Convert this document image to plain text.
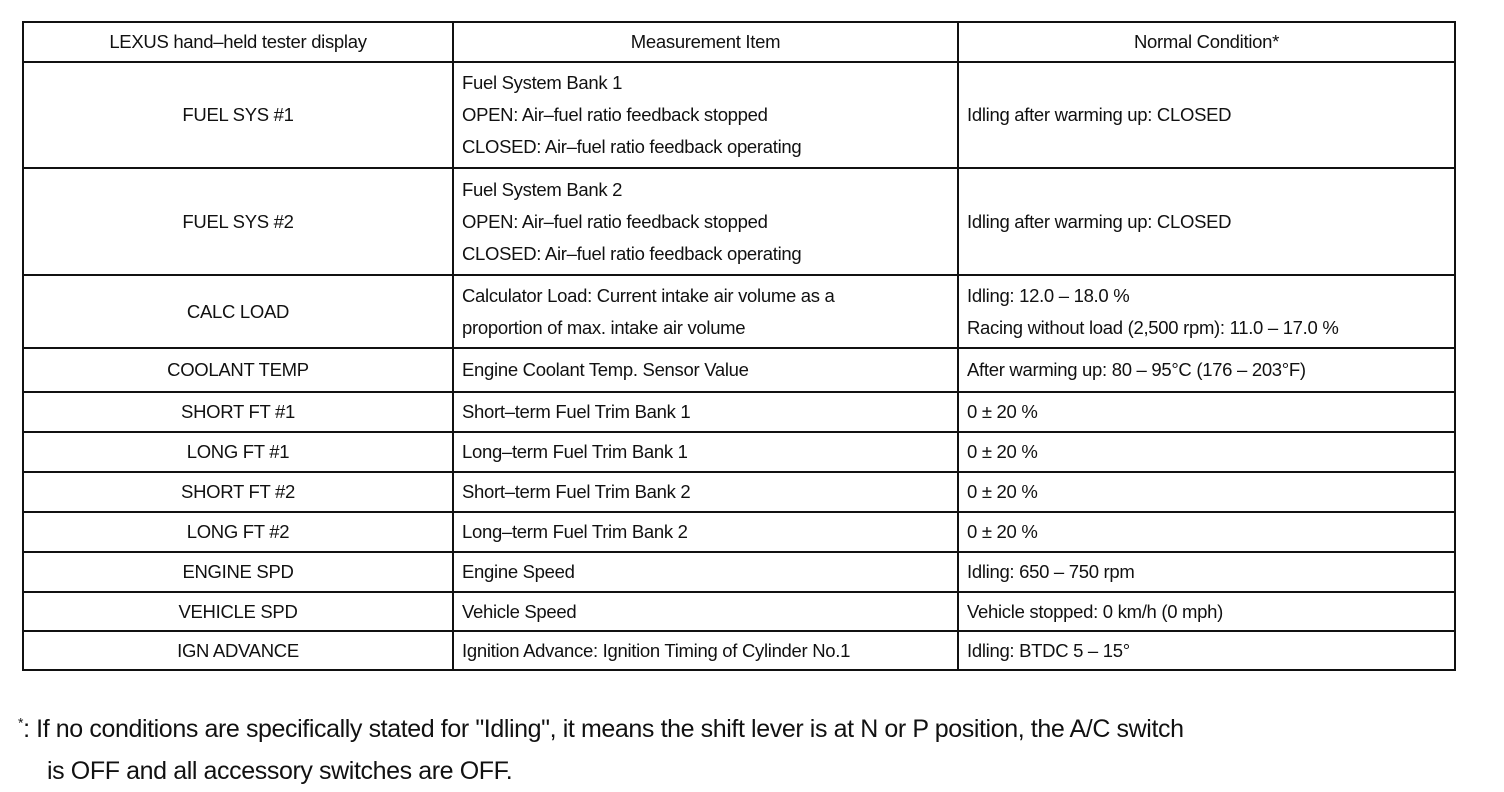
LEXUS hand–held tester display	Measurement Item	Normal Condition*
FUEL SYS #1	Fuel System Bank 1
OPEN: Air–fuel ratio feedback stopped
CLOSED: Air–fuel ratio feedback operating	Idling after warming up: CLOSED

FUEL SYS #2	Fuel System Bank 2
OPEN: Air–fuel ratio feedback stopped
CLOSED: Air–fuel ratio feedback operating	Idling after warming up: CLOSED

CALC LOAD	Calculator Load: Current intake air volume as a
proportion of max. intake air volume	Idling: 12.0 – 18.0 %
Racing without load (2,500 rpm): 11.0 – 17.0 %

COOLANT TEMP	Engine Coolant Temp. Sensor Value	After warming up: 80 – 95°C (176 – 203°F)

SHORT FT #1	Short–term Fuel Trim Bank 1	0 ± 20 %

LONG FT #1	Long–term Fuel Trim Bank 1	0 ± 20 %

SHORT FT #2	Short–term Fuel Trim Bank 2	0 ± 20 %

LONG FT #2	Long–term Fuel Trim Bank 2	0 ± 20 %

ENGINE SPD	Engine Speed	Idling: 650 – 750 rpm

VEHICLE SPD	Vehicle Speed	Vehicle stopped: 0 km/h (0 mph)

IGN ADVANCE	Ignition Advance: Ignition Timing of Cylinder No.1	Idling: BTDC 5 – 15°
*: If no conditions are specifically stated for "Idling", it means the shift lever is at N or P position, the A/C switch
is OFF and all accessory switches are OFF.
